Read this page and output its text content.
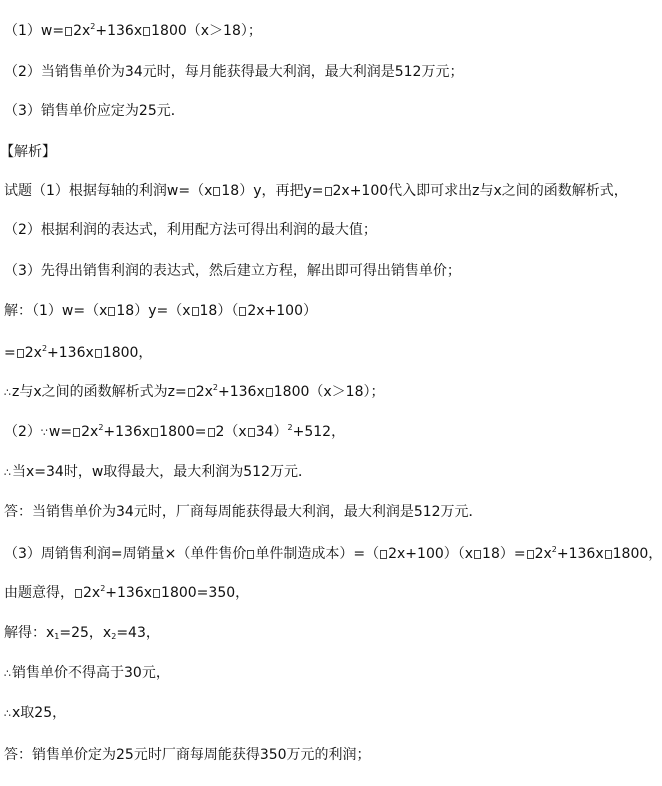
$(1)w= 2x^2+136x$ 1800（x＞18）；
（2）当销售单价为34元时，每月能获得最大利润，最大利润是512万元；
（3）销售单价应定为25元．
【解析】
试题（1）根据每轴的利润w=（x 18）y，再把y= 2x+100代入即可求出z与x之间的函数解析式，
（2）根据利润的表达式，利用配方法可得出利润的最大值；
（3）先得出销售利润的表达式，然后建立方程，解出即可得出销售单价；
解：（1）w=（x 18）y=（x 18）（ 2x+100）
= $2x^2+136x$ 1800，
∴z与x之间的函数解析式为$z= 2x^2+136x$ 1800（x＞18）；
（2）∵w= $2x^2+136x$ 1800= 2（x 34）$^2$+512，
∴当x=34时，w取得最大，最大利润为512万元．
答：当销售单价为34元时，厂商每周能获得最大利润，最大利润是512万元．
（3）周销售利润=周销量×（单件售价 单件制造成本）=（ 2x+100）（x $18)= 2x^2+136x$ 1800，
由题意得， $2x^2+136x$ 1800=350，
解得：$x_1=25$，$x_2=43$，
∴销售单价不得高于30元，
∴x取25，
答：销售单价定为25元时厂商每周能获得350万元的利润；
